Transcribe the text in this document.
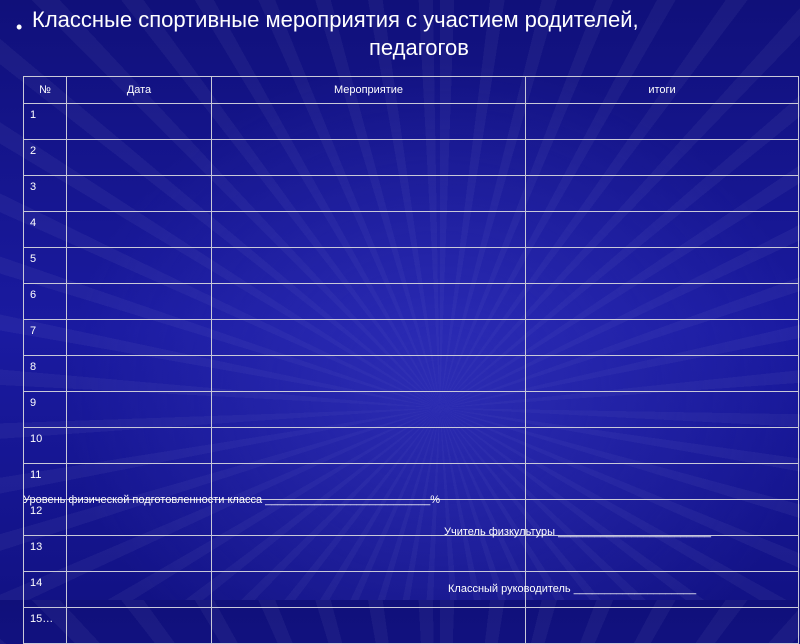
• Классные спортивные мероприятия с участием родителей,
педагогов
№	Дата	Мероприятие	итоги
1			
2			
3			
4			
5			
6			
7			
8			
9			
10			
11			
12			
13			
14			
15…			
Уровень физической подготовленности класса ___________________________%
Учитель физкультуры _________________________
Классный руководитель ____________________
